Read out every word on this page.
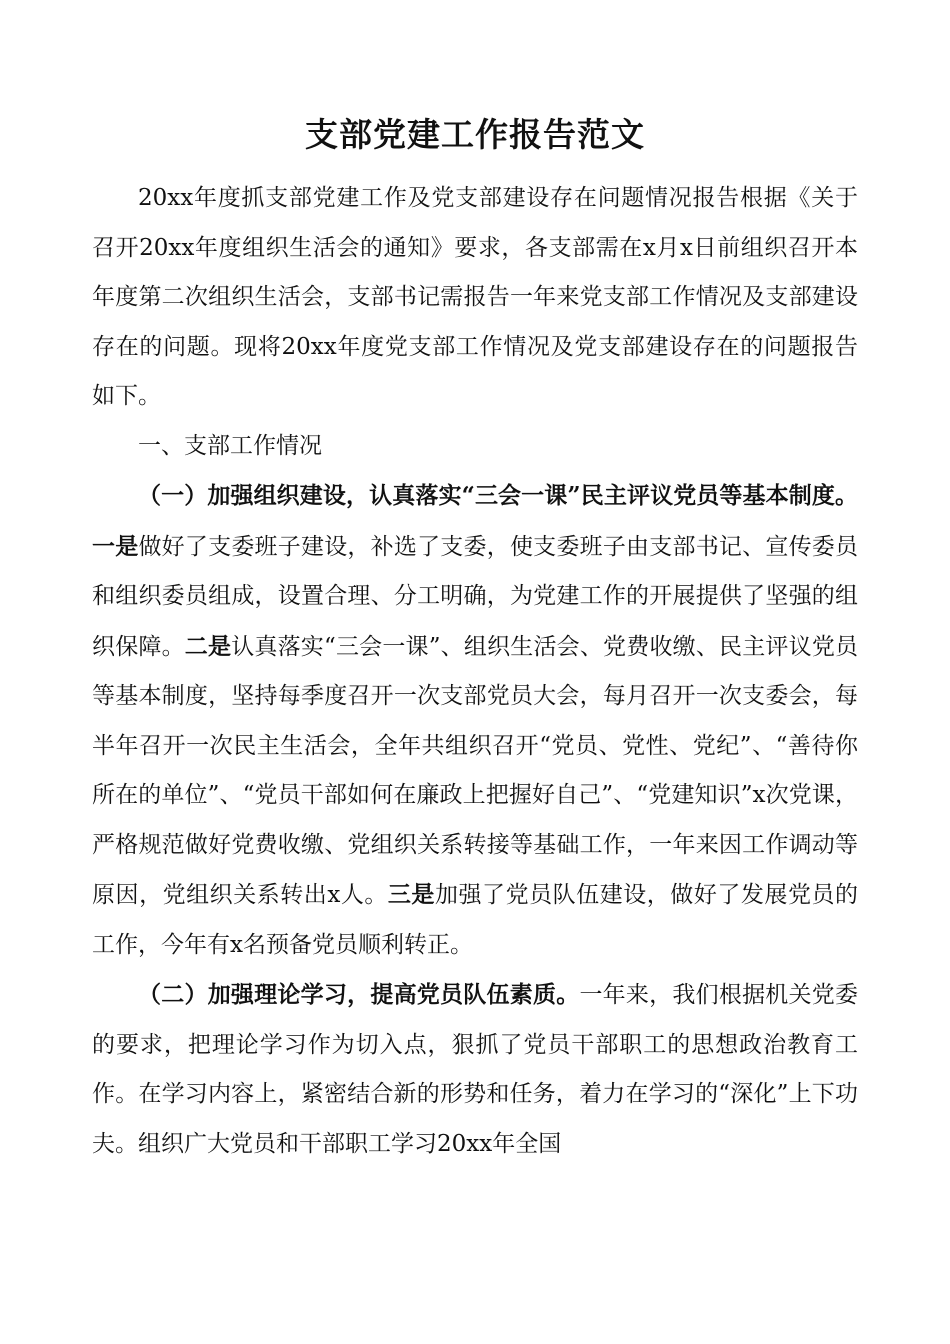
支部党建工作报告范文

20xx年度抓支部党建工作及党支部建设存在问题情况报告根据《关于召开20xx年度组织生活会的通知》要求，各支部需在x月x日前组织召开本年度第二次组织生活会，支部书记需报告一年来党支部工作情况及支部建设存在的问题。现将20xx年度党支部工作情况及党支部建设存在的问题报告如下。

一、支部工作情况

（一）加强组织建设，认真落实“三会一课”民主评议党员等基本制度。一是做好了支委班子建设，补选了支委，使支委班子由支部书记、宣传委员和组织委员组成，设置合理、分工明确，为党建工作的开展提供了坚强的组织保障。二是认真落实“三会一课”、组织生活会、党费收缴、民主评议党员等基本制度，坚持每季度召开一次支部党员大会，每月召开一次支委会，每半年召开一次民主生活会，全年共组织召开“党员、党性、党纪”、“善待你所在的单位”、“党员干部如何在廉政上把握好自己”、“党建知识”x次党课，严格规范做好党费收缴、党组织关系转接等基础工作，一年来因工作调动等原因，党组织关系转出x人。三是加强了党员队伍建设，做好了发展党员的工作，今年有x名预备党员顺利转正。

（二）加强理论学习，提高党员队伍素质。一年来，我们根据机关党委的要求，把理论学习作为切入点，狠抓了党员干部职工的思想政治教育工作。在学习内容上，紧密结合新的形势和任务，着力在学习的“深化”上下功夫。组织广大党员和干部职工学习20xx年全国
